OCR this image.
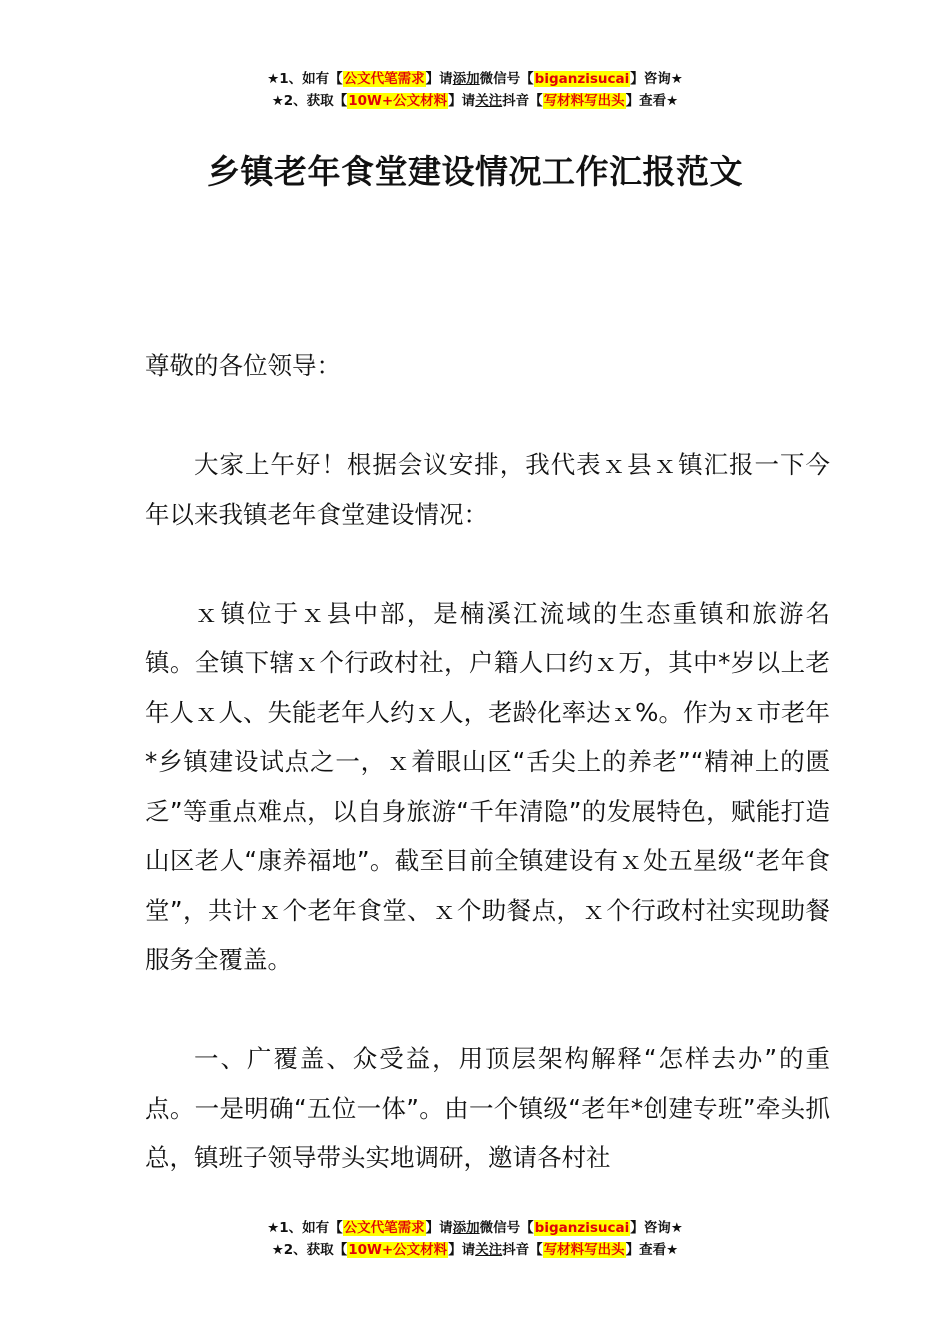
★1、如有【公文代笔需求】请添加微信号【biganzisucai】咨询★
★2、获取【10W+公文材料】请关注抖音【写材料写出头】查看★
乡镇老年食堂建设情况工作汇报范文

尊敬的各位领导：

大家上午好！根据会议安排，我代表ｘ县ｘ镇汇报一下今年以来我镇老年食堂建设情况：

ｘ镇位于ｘ县中部，是楠溪江流域的生态重镇和旅游名镇。全镇下辖ｘ个行政村社，户籍人口约ｘ万，其中*岁以上老年人ｘ人、失能老年人约ｘ人，老龄化率达ｘ%。作为ｘ市老年*乡镇建设试点之一，ｘ着眼山区“舌尖上的养老”“精神上的匮乏”等重点难点，以自身旅游“千年清隐”的发展特色，赋能打造山区老人“康养福地”。截至目前全镇建设有ｘ处五星级“老年食堂”，共计ｘ个老年食堂、ｘ个助餐点，ｘ个行政村社实现助餐服务全覆盖。

一、广覆盖、众受益，用顶层架构解释“怎样去办”的重点。一是明确“五位一体”。由一个镇级“老年*创建专班”牵头抓总，镇班子领导带头实地调研，邀请各村社

★1、如有【公文代笔需求】请添加微信号【biganzisucai】咨询★
★2、获取【10W+公文材料】请关注抖音【写材料写出头】查看★
